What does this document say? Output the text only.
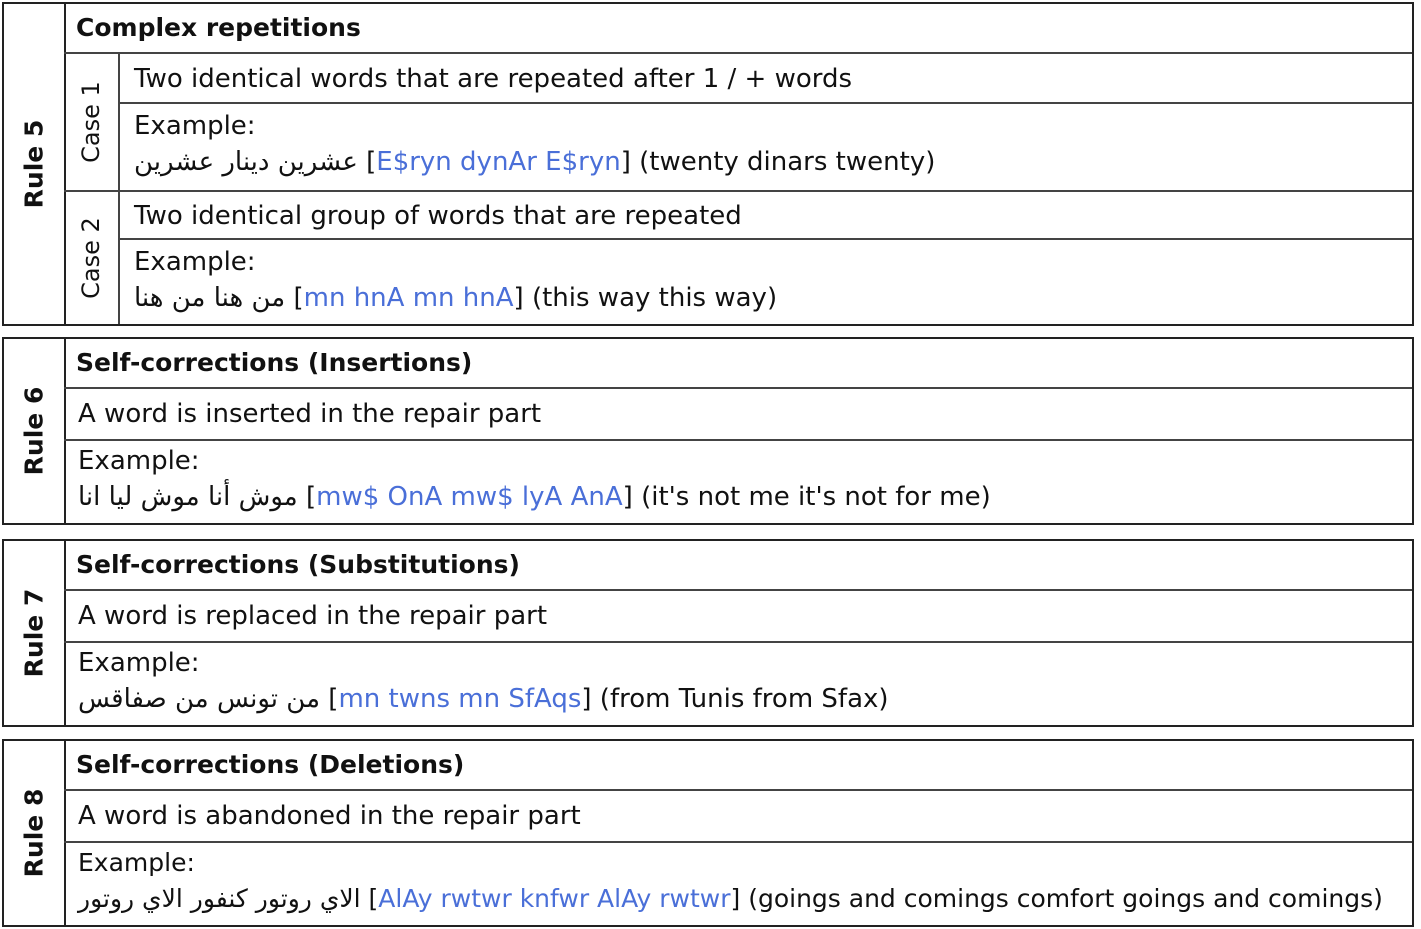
Rule 5
Complex repetitions
Case 1
Two identical words that are repeated after 1 / + words
Example:
عشرين دينار عشرين [E$ryn dynAr E$ryn] (twenty dinars twenty)
Case 2
Two identical group of words that are repeated
Example:
من هنا من هنا [mn hnA mn hnA] (this way this way)
Rule 6
Self-corrections (Insertions)
A word is inserted in the repair part
Example:
موش أنا موش ليا انا [mw$ OnA mw$ lyA AnA] (it's not me it's not for me)
Rule 7
Self-corrections (Substitutions)
A word is replaced in the repair part
Example:
من تونس من صفاقس [mn twns mn SfAqs] (from Tunis from Sfax)
Rule 8
Self-corrections (Deletions)
A word is abandoned in the repair part
Example:
الاي روتور كنفور الاي روتور [AlAy rwtwr knfwr AlAy rwtwr] (goings and comings comfort goings and comings)
